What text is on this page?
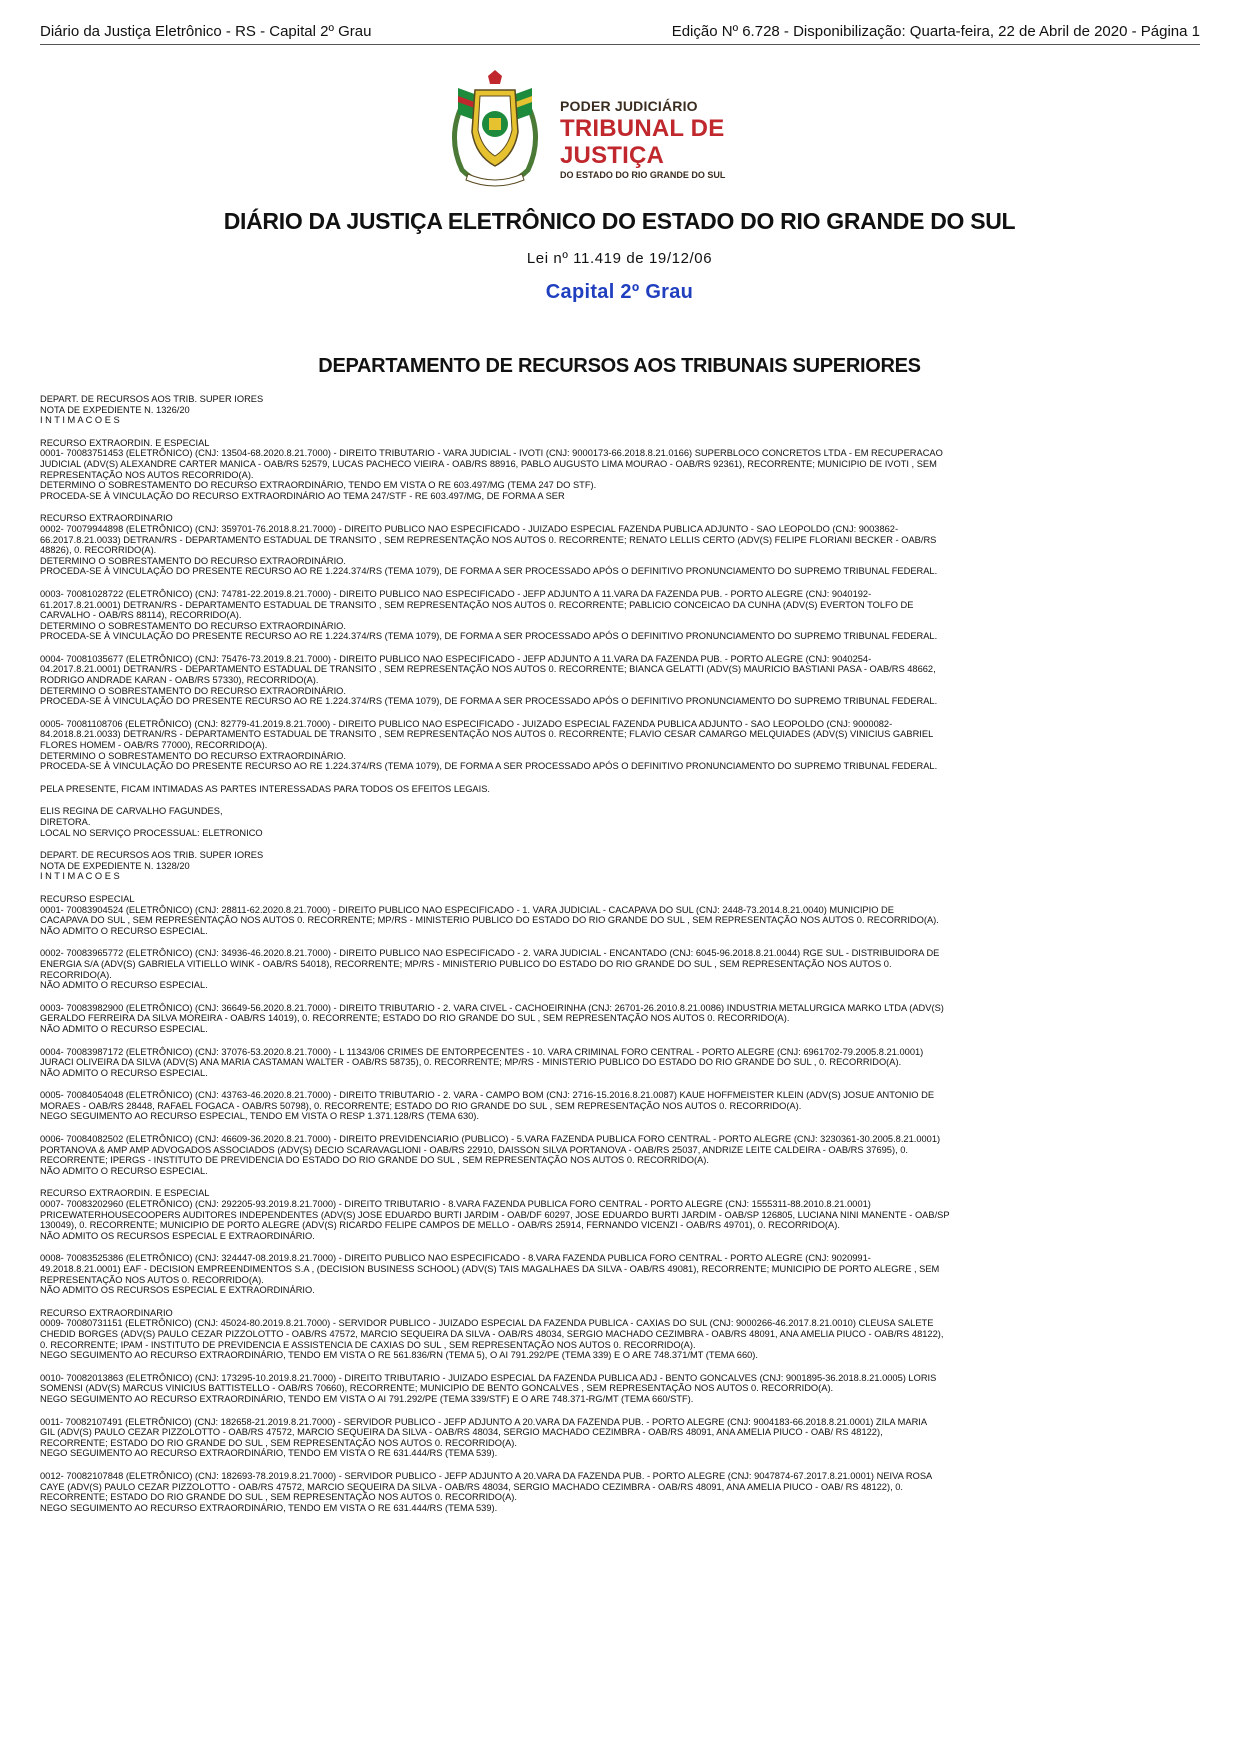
Diário da Justiça Eletrônico - RS - Capital 2º Grau	Edição Nº 6.728 - Disponibilização: Quarta-feira, 22 de Abril de 2020 - Página 1
PODER JUDICIÁRIO
TRIBUNAL DE JUSTIÇA
DO ESTADO DO RIO GRANDE DO SUL
DIÁRIO DA JUSTIÇA ELETRÔNICO DO ESTADO DO RIO GRANDE DO SUL
Lei nº 11.419 de 19/12/06
Capital 2º Grau
DEPARTAMENTO DE RECURSOS AOS TRIBUNAIS SUPERIORES

DEPART. DE RECURSOS AOS TRIB. SUPER IORES

NOTA DE EXPEDIENTE N. 1326/20

I N T I M A C O E S

RECURSO EXTRAORDIN. E ESPECIAL

0001- 70083751453 (ELETRÔNICO) (CNJ: 13504-68.2020.8.21.7000) - DIREITO TRIBUTARIO - VARA JUDICIAL - IVOTI (CNJ: 9000173-66.2018.8.21.0166) SUPERBLOCO CONCRETOS LTDA - EM RECUPERACAO

JUDICIAL (ADV(S) ALEXANDRE CARTER MANICA - OAB/RS 52579, LUCAS PACHECO VIEIRA - OAB/RS 88916, PABLO AUGUSTO LIMA MOURAO - OAB/RS 92361), RECORRENTE; MUNICIPIO DE IVOTI , SEM

REPRESENTAÇÃO NOS AUTOS RECORRIDO(A).

DETERMINO O SOBRESTAMENTO DO RECURSO EXTRAORDINÁRIO, TENDO EM VISTA O RE 603.497/MG (TEMA 247 DO STF).

PROCEDA-SE À VINCULAÇÃO DO RECURSO EXTRAORDINÁRIO AO TEMA 247/STF - RE 603.497/MG, DE FORMA A SER

RECURSO EXTRAORDINARIO

0002- 70079944898 (ELETRÔNICO) (CNJ: 359701-76.2018.8.21.7000) - DIREITO PUBLICO NAO ESPECIFICADO - JUIZADO ESPECIAL FAZENDA PUBLICA ADJUNTO - SAO LEOPOLDO (CNJ: 9003862-

66.2017.8.21.0033) DETRAN/RS - DEPARTAMENTO ESTADUAL DE TRANSITO , SEM REPRESENTAÇÃO NOS AUTOS 0. RECORRENTE; RENATO LELLIS CERTO (ADV(S) FELIPE FLORIANI BECKER - OAB/RS

48826), 0. RECORRIDO(A).

DETERMINO O SOBRESTAMENTO DO RECURSO EXTRAORDINÁRIO.

PROCEDA-SE À VINCULAÇÃO DO PRESENTE RECURSO AO RE 1.224.374/RS (TEMA 1079), DE FORMA A SER PROCESSADO APÓS O DEFINITIVO PRONUNCIAMENTO DO SUPREMO TRIBUNAL FEDERAL.

0003- 70081028722 (ELETRÔNICO) (CNJ: 74781-22.2019.8.21.7000) - DIREITO PUBLICO NAO ESPECIFICADO - JEFP ADJUNTO A 11.VARA DA FAZENDA PUB. - PORTO ALEGRE (CNJ: 9040192-

61.2017.8.21.0001) DETRAN/RS - DEPARTAMENTO ESTADUAL DE TRANSITO , SEM REPRESENTAÇÃO NOS AUTOS 0. RECORRENTE; PABLICIO CONCEICAO DA CUNHA (ADV(S) EVERTON TOLFO DE

CARVALHO - OAB/RS 88114), RECORRIDO(A).

DETERMINO O SOBRESTAMENTO DO RECURSO EXTRAORDINÁRIO.

PROCEDA-SE À VINCULAÇÃO DO PRESENTE RECURSO AO RE 1.224.374/RS (TEMA 1079), DE FORMA A SER PROCESSADO APÓS O DEFINITIVO PRONUNCIAMENTO DO SUPREMO TRIBUNAL FEDERAL.

0004- 70081035677 (ELETRÔNICO) (CNJ: 75476-73.2019.8.21.7000) - DIREITO PUBLICO NAO ESPECIFICADO - JEFP ADJUNTO A 11.VARA DA FAZENDA PUB. - PORTO ALEGRE (CNJ: 9040254-

04.2017.8.21.0001) DETRAN/RS - DEPARTAMENTO ESTADUAL DE TRANSITO , SEM REPRESENTAÇÃO NOS AUTOS 0. RECORRENTE; BIANCA GELATTI (ADV(S) MAURICIO BASTIANI PASA - OAB/RS 48662,

RODRIGO ANDRADE KARAN - OAB/RS 57330), RECORRIDO(A).

DETERMINO O SOBRESTAMENTO DO RECURSO EXTRAORDINÁRIO.

PROCEDA-SE À VINCULAÇÃO DO PRESENTE RECURSO AO RE 1.224.374/RS (TEMA 1079), DE FORMA A SER PROCESSADO APÓS O DEFINITIVO PRONUNCIAMENTO DO SUPREMO TRIBUNAL FEDERAL.

0005- 70081108706 (ELETRÔNICO) (CNJ: 82779-41.2019.8.21.7000) - DIREITO PUBLICO NAO ESPECIFICADO - JUIZADO ESPECIAL FAZENDA PUBLICA ADJUNTO - SAO LEOPOLDO (CNJ: 9000082-

84.2018.8.21.0033) DETRAN/RS - DEPARTAMENTO ESTADUAL DE TRANSITO , SEM REPRESENTAÇÃO NOS AUTOS 0. RECORRENTE; FLAVIO CESAR CAMARGO MELQUIADES (ADV(S) VINICIUS GABRIEL

FLORES HOMEM - OAB/RS 77000), RECORRIDO(A).

DETERMINO O SOBRESTAMENTO DO RECURSO EXTRAORDINÁRIO.

PROCEDA-SE À VINCULAÇÃO DO PRESENTE RECURSO AO RE 1.224.374/RS (TEMA 1079), DE FORMA A SER PROCESSADO APÓS O DEFINITIVO PRONUNCIAMENTO DO SUPREMO TRIBUNAL FEDERAL.

PELA PRESENTE, FICAM INTIMADAS AS PARTES INTERESSADAS PARA TODOS OS EFEITOS LEGAIS.

ELIS REGINA DE CARVALHO FAGUNDES,

DIRETORA.

LOCAL NO SERVIÇO PROCESSUAL: ELETRONICO

DEPART. DE RECURSOS AOS TRIB. SUPER IORES

NOTA DE EXPEDIENTE N. 1328/20

I N T I M A C O E S

RECURSO ESPECIAL

0001- 70083904524 (ELETRÔNICO) (CNJ: 28811-62.2020.8.21.7000) - DIREITO PUBLICO NAO ESPECIFICADO - 1. VARA JUDICIAL - CACAPAVA DO SUL (CNJ: 2448-73.2014.8.21.0040) MUNICIPIO DE

CACAPAVA DO SUL , SEM REPRESENTAÇÃO NOS AUTOS 0. RECORRENTE; MP/RS - MINISTERIO PUBLICO DO ESTADO DO RIO GRANDE DO SUL , SEM REPRESENTAÇÃO NOS AUTOS 0. RECORRIDO(A).

NÃO ADMITO O RECURSO ESPECIAL.

0002- 70083965772 (ELETRÔNICO) (CNJ: 34936-46.2020.8.21.7000) - DIREITO PUBLICO NAO ESPECIFICADO - 2. VARA JUDICIAL - ENCANTADO (CNJ: 6045-96.2018.8.21.0044) RGE SUL - DISTRIBUIDORA DE

ENERGIA S/A (ADV(S) GABRIELA VITIELLO WINK - OAB/RS 54018), RECORRENTE; MP/RS - MINISTERIO PUBLICO DO ESTADO DO RIO GRANDE DO SUL , SEM REPRESENTAÇÃO NOS AUTOS 0.

RECORRIDO(A).

NÃO ADMITO O RECURSO ESPECIAL.

0003- 70083982900 (ELETRÔNICO) (CNJ: 36649-56.2020.8.21.7000) - DIREITO TRIBUTARIO - 2. VARA CIVEL - CACHOEIRINHA (CNJ: 26701-26.2010.8.21.0086) INDUSTRIA METALURGICA MARKO LTDA (ADV(S)

GERALDO FERREIRA DA SILVA MOREIRA - OAB/RS 14019), 0. RECORRENTE; ESTADO DO RIO GRANDE DO SUL , SEM REPRESENTAÇÃO NOS AUTOS 0. RECORRIDO(A).

NÃO ADMITO O RECURSO ESPECIAL.

0004- 70083987172 (ELETRÔNICO) (CNJ: 37076-53.2020.8.21.7000) - L 11343/06 CRIMES DE ENTORPECENTES - 10. VARA CRIMINAL FORO CENTRAL - PORTO ALEGRE (CNJ: 6961702-79.2005.8.21.0001)

JURACI OLIVEIRA DA SILVA (ADV(S) ANA MARIA CASTAMAN WALTER - OAB/RS 58735), 0. RECORRENTE; MP/RS - MINISTERIO PUBLICO DO ESTADO DO RIO GRANDE DO SUL , 0. RECORRIDO(A).

NÃO ADMITO O RECURSO ESPECIAL.

0005- 70084054048 (ELETRÔNICO) (CNJ: 43763-46.2020.8.21.7000) - DIREITO TRIBUTARIO - 2. VARA - CAMPO BOM (CNJ: 2716-15.2016.8.21.0087) KAUE HOFFMEISTER KLEIN (ADV(S) JOSUE ANTONIO DE

MORAES - OAB/RS 28448, RAFAEL FOGACA - OAB/RS 50798), 0. RECORRENTE; ESTADO DO RIO GRANDE DO SUL , SEM REPRESENTAÇÃO NOS AUTOS 0. RECORRIDO(A).

NEGO SEGUIMENTO AO RECURSO ESPECIAL, TENDO EM VISTA O RESP 1.371.128/RS (TEMA 630).

0006- 70084082502 (ELETRÔNICO) (CNJ: 46609-36.2020.8.21.7000) - DIREITO PREVIDENCIARIO (PUBLICO) - 5.VARA FAZENDA PUBLICA FORO CENTRAL - PORTO ALEGRE (CNJ: 3230361-30.2005.8.21.0001)

PORTANOVA & AMP AMP ADVOGADOS ASSOCIADOS (ADV(S) DECIO SCARAVAGLIONI - OAB/RS 22910, DAISSON SILVA PORTANOVA - OAB/RS 25037, ANDRIZE LEITE CALDEIRA - OAB/RS 37695), 0.

RECORRENTE; IPERGS - INSTITUTO DE PREVIDENCIA DO ESTADO DO RIO GRANDE DO SUL , SEM REPRESENTAÇÃO NOS AUTOS 0. RECORRIDO(A).

NÃO ADMITO O RECURSO ESPECIAL.

RECURSO EXTRAORDIN. E ESPECIAL

0007- 70083202960 (ELETRÔNICO) (CNJ: 292205-93.2019.8.21.7000) - DIREITO TRIBUTARIO - 8.VARA FAZENDA PUBLICA FORO CENTRAL - PORTO ALEGRE (CNJ: 1555311-88.2010.8.21.0001)

PRICEWATERHOUSECOOPERS AUDITORES INDEPENDENTES (ADV(S) JOSE EDUARDO BURTI JARDIM - OAB/DF 60297, JOSE EDUARDO BURTI JARDIM - OAB/SP 126805, LUCIANA NINI MANENTE - OAB/SP

130049), 0. RECORRENTE; MUNICIPIO DE PORTO ALEGRE (ADV(S) RICARDO FELIPE CAMPOS DE MELLO - OAB/RS 25914, FERNANDO VICENZI - OAB/RS 49701), 0. RECORRIDO(A).

NÃO ADMITO OS RECURSOS ESPECIAL E EXTRAORDINÁRIO.

0008- 70083525386 (ELETRÔNICO) (CNJ: 324447-08.2019.8.21.7000) - DIREITO PUBLICO NAO ESPECIFICADO - 8.VARA FAZENDA PUBLICA FORO CENTRAL - PORTO ALEGRE (CNJ: 9020991-

49.2018.8.21.0001) EAF - DECISION EMPREENDIMENTOS S.A , (DECISION BUSINESS SCHOOL) (ADV(S) TAIS MAGALHAES DA SILVA - OAB/RS 49081), RECORRENTE; MUNICIPIO DE PORTO ALEGRE , SEM

REPRESENTAÇÃO NOS AUTOS 0. RECORRIDO(A).

NÃO ADMITO OS RECURSOS ESPECIAL E EXTRAORDINÁRIO.

RECURSO EXTRAORDINARIO

0009- 70080731151 (ELETRÔNICO) (CNJ: 45024-80.2019.8.21.7000) - SERVIDOR PUBLICO - JUIZADO ESPECIAL DA FAZENDA PUBLICA - CAXIAS DO SUL (CNJ: 9000266-46.2017.8.21.0010) CLEUSA SALETE

CHEDID BORGES (ADV(S) PAULO CEZAR PIZZOLOTTO - OAB/RS 47572, MARCIO SEQUEIRA DA SILVA - OAB/RS 48034, SERGIO MACHADO CEZIMBRA - OAB/RS 48091, ANA AMELIA PIUCO - OAB/RS 48122),

0. RECORRENTE; IPAM - INSTITUTO DE PREVIDENCIA E ASSISTENCIA DE CAXIAS DO SUL , SEM REPRESENTAÇÃO NOS AUTOS 0. RECORRIDO(A).

NEGO SEGUIMENTO AO RECURSO EXTRAORDINÁRIO, TENDO EM VISTA O RE 561.836/RN (TEMA 5), O AI 791.292/PE (TEMA 339) E O ARE 748.371/MT (TEMA 660).

0010- 70082013863 (ELETRÔNICO) (CNJ: 173295-10.2019.8.21.7000) - DIREITO TRIBUTARIO - JUIZADO ESPECIAL DA FAZENDA PUBLICA ADJ - BENTO GONCALVES (CNJ: 9001895-36.2018.8.21.0005) LORIS

SOMENSI (ADV(S) MARCUS VINICIUS BATTISTELLO - OAB/RS 70660), RECORRENTE; MUNICIPIO DE BENTO GONCALVES , SEM REPRESENTAÇÃO NOS AUTOS 0. RECORRIDO(A).

NEGO SEGUIMENTO AO RECURSO EXTRAORDINÁRIO, TENDO EM VISTA O AI 791.292/PE (TEMA 339/STF) E O ARE 748.371-RG/MT (TEMA 660/STF).

0011- 70082107491 (ELETRÔNICO) (CNJ: 182658-21.2019.8.21.7000) - SERVIDOR PUBLICO - JEFP ADJUNTO A 20.VARA DA FAZENDA PUB. - PORTO ALEGRE (CNJ: 9004183-66.2018.8.21.0001) ZILA MARIA

GIL (ADV(S) PAULO CEZAR PIZZOLOTTO - OAB/RS 47572, MARCIO SEQUEIRA DA SILVA - OAB/RS 48034, SERGIO MACHADO CEZIMBRA - OAB/RS 48091, ANA AMELIA PIUCO - OAB/ RS 48122),

RECORRENTE; ESTADO DO RIO GRANDE DO SUL , SEM REPRESENTAÇÃO NOS AUTOS 0. RECORRIDO(A).

NEGO SEGUIMENTO AO RECURSO EXTRAORDINÁRIO, TENDO EM VISTA O RE 631.444/RS (TEMA 539).

0012- 70082107848 (ELETRÔNICO) (CNJ: 182693-78.2019.8.21.7000) - SERVIDOR PUBLICO - JEFP ADJUNTO A 20.VARA DA FAZENDA PUB. - PORTO ALEGRE (CNJ: 9047874-67.2017.8.21.0001) NEIVA ROSA

CAYE (ADV(S) PAULO CEZAR PIZZOLOTTO - OAB/RS 47572, MARCIO SEQUEIRA DA SILVA - OAB/RS 48034, SERGIO MACHADO CEZIMBRA - OAB/RS 48091, ANA AMELIA PIUCO - OAB/ RS 48122), 0.

RECORRENTE; ESTADO DO RIO GRANDE DO SUL , SEM REPRESENTAÇÃO NOS AUTOS 0. RECORRIDO(A).

NEGO SEGUIMENTO AO RECURSO EXTRAORDINÁRIO, TENDO EM VISTA O RE 631.444/RS (TEMA 539).
